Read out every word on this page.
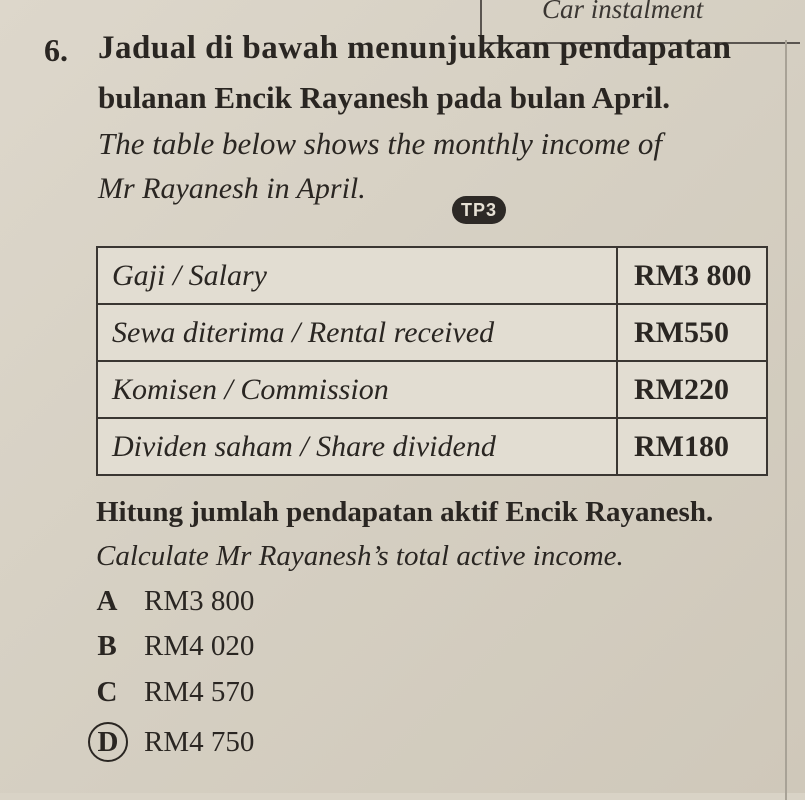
Car instalment
6. Jadual di bawah menunjukkan pendapatan
bulanan Encik Rayanesh pada bulan April.
The table below shows the monthly income of
Mr Rayanesh in April.
TP3
Gaji / Salary	RM3 800
Sewa diterima / Rental received	RM550
Komisen / Commission	RM220
Dividen saham / Share dividend	RM180
Hitung jumlah pendapatan aktif Encik Rayanesh.
Calculate Mr Rayanesh’s total active income.
A RM3 800
B RM4 020
C RM4 570
D RM4 750
